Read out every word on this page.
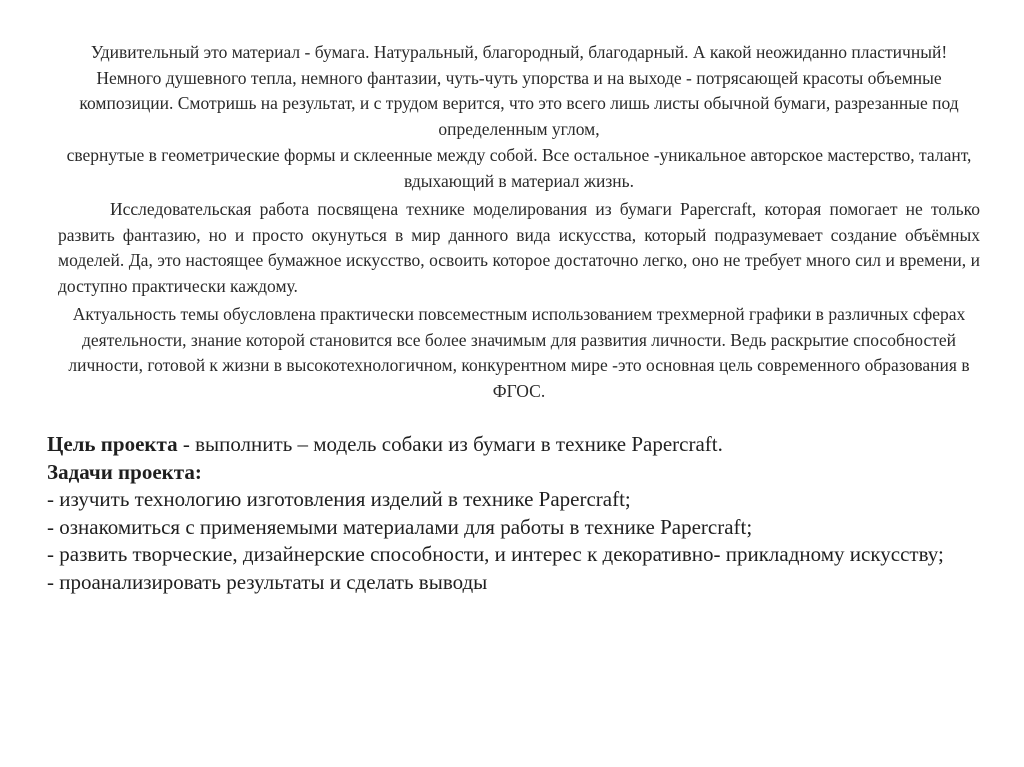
Удивительный это материал - бумага. Натуральный, благородный, благодарный. А какой неожиданно пластичный! Немного душевного тепла, немного фантазии, чуть-чуть упорства и на выходе - потрясающей красоты объемные композиции. Смотришь на результат, и с трудом верится, что это всего лишь листы обычной бумаги, разрезанные под определенным углом,

свернутые в геометрические формы и склеенные между собой. Все остальное -уникальное авторское мастерство, талант, вдыхающий в материал жизнь.

Исследовательская работа посвящена технике моделирования из бумаги Papercraft, которая помогает не только развить фантазию, но и просто окунуться в мир данного вида искусства, который подразумевает создание объёмных моделей. Да, это настоящее бумажное искусство, освоить которое достаточно легко, оно не требует много сил и времени, и доступно практически каждому.

Актуальность темы обусловлена практически повсеместным использованием трехмерной графики в различных сферах деятельности, знание которой становится все более значимым для развития личности. Ведь раскрытие способностей личности, готовой к жизни в высокотехнологичном, конкурентном мире -это основная цель современного образования в ФГОС.

Цель проекта - выполнить – модель собаки из бумаги в технике Papercraft.

Задачи проекта:

- изучить технологию изготовления изделий в технике Papercraft;

- ознакомиться с применяемыми материалами для работы в технике Papercraft;

- развить творческие, дизайнерские способности, и интерес к декоративно- прикладному искусству;

- проанализировать результаты и сделать выводы
